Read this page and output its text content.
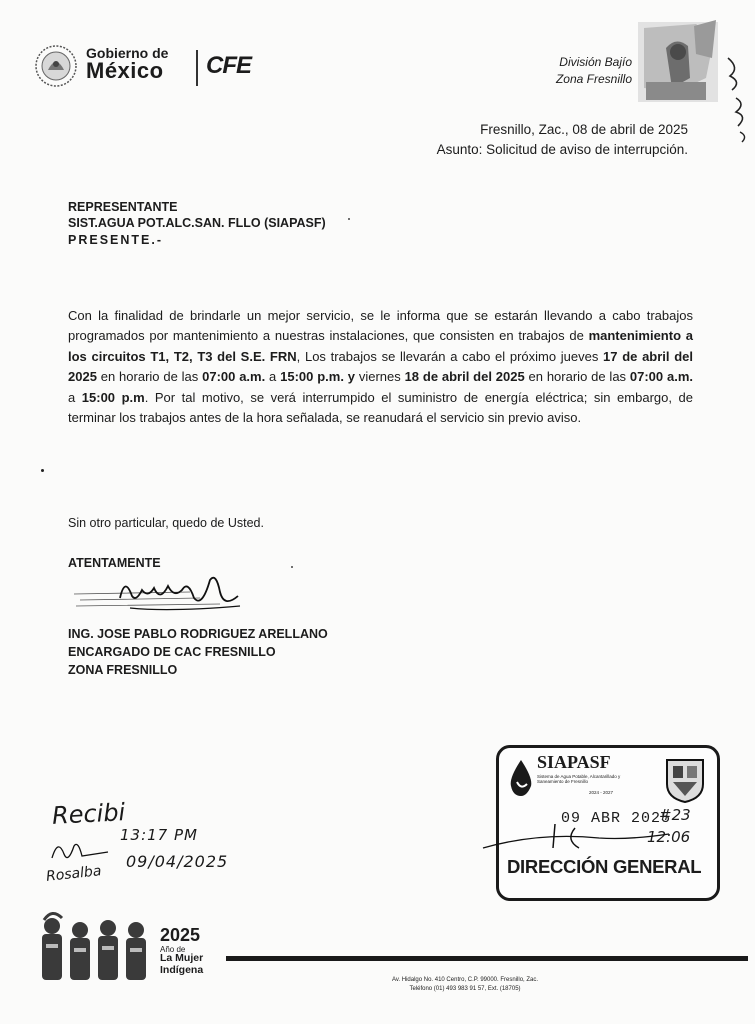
Gobierno de
México CFE	División Bajío
Zona Fresnillo
Fresnillo, Zac., 08 de abril de 2025
Asunto: Solicitud de aviso de interrupción.
REPRESENTANTE
SIST.AGUA POT.ALC.SAN. FLLO (SIAPASF)
PRESENTE.-
Con la finalidad de brindarle un mejor servicio, se le informa que se estarán llevando a cabo trabajos programados por mantenimiento a nuestras instalaciones, que consisten en trabajos de mantenimiento a los circuitos T1, T2, T3 del S.E. FRN, Los trabajos se llevarán a cabo el próximo jueves 17 de abril del 2025 en horario de las 07:00 a.m. a 15:00 p.m. y viernes 18 de abril del 2025 en horario de las 07:00 a.m. a 15:00 p.m. Por tal motivo, se verá interrumpido el suministro de energía eléctrica; sin embargo, de terminar los trabajos antes de la hora señalada, se reanudará el servicio sin previo aviso.
Sin otro particular, quedo de Usted.
ATENTAMENTE
ING. JOSE PABLO RODRIGUEZ ARELLANO
ENCARGADO DE CAC FRESNILLO
ZONA FRESNILLO
SIAPASF
Sistema de Agua Potable, Alcantarillado y Saneamiento de Fresnillo
2024 - 2027
09 ABR 2025
#23
12:06
DIRECCIÓN GENERAL
Recibi
13:17 PM
Rosalba
09/04/2025
2025
Año de
La Mujer
Indígena
Av. Hidalgo No. 410 Centro, C.P. 99000. Fresnillo, Zac.
Teléfono (01) 493 983 91 57, Ext. (18705)
